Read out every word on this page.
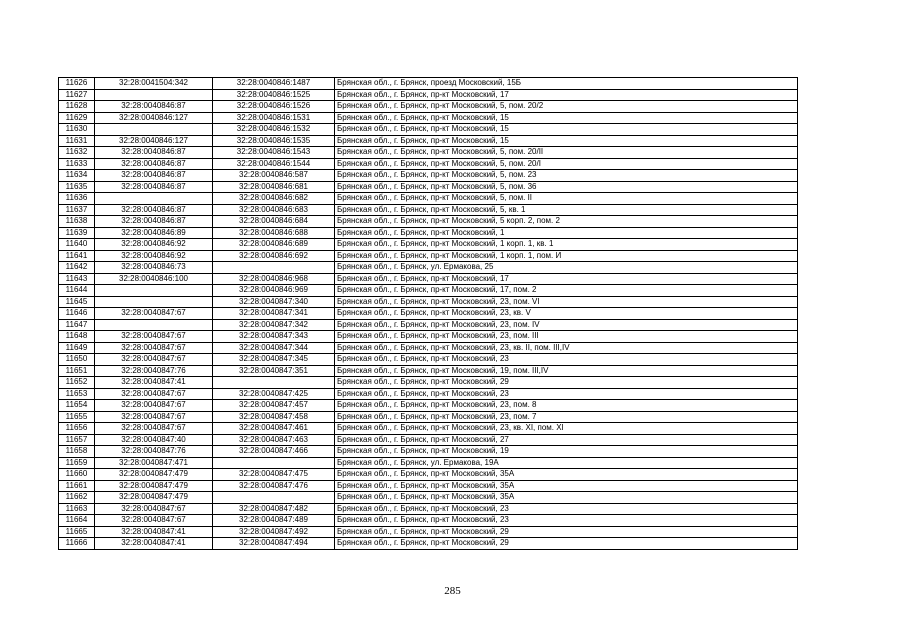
11626	32:28:0041504:342	32:28:0040846:1487	Брянская обл., г. Брянск, проезд Московский, 15Б
11627		32:28:0040846:1525	Брянская обл., г. Брянск, пр-кт Московский, 17
11628	32:28:0040846:87	32:28:0040846:1526	Брянская обл., г. Брянск, пр-кт Московский, 5, пом. 20/2
11629	32:28:0040846:127	32:28:0040846:1531	Брянская обл., г. Брянск, пр-кт Московский, 15
11630		32:28:0040846:1532	Брянская обл., г. Брянск, пр-кт Московский, 15
11631	32:28:0040846:127	32:28:0040846:1535	Брянская обл., г. Брянск, пр-кт Московский, 15
11632	32:28:0040846:87	32:28:0040846:1543	Брянская обл., г. Брянск, пр-кт Московский, 5, пом. 20/II
11633	32:28:0040846:87	32:28:0040846:1544	Брянская обл., г. Брянск, пр-кт Московский, 5, пом. 20/I
11634	32:28:0040846:87	32:28:0040846:587	Брянская обл., г. Брянск, пр-кт Московский, 5, пом. 23
11635	32:28:0040846:87	32:28:0040846:681	Брянская обл., г. Брянск, пр-кт Московский, 5, пом. 36
11636		32:28:0040846:682	Брянская обл., г. Брянск, пр-кт Московский, 5, пом. II
11637	32:28:0040846:87	32:28:0040846:683	Брянская обл., г. Брянск, пр-кт Московский, 5, кв. 1
11638	32:28:0040846:87	32:28:0040846:684	Брянская обл., г. Брянск, пр-кт Московский, 5 корп. 2, пом. 2
11639	32:28:0040846:89	32:28:0040846:688	Брянская обл., г. Брянск, пр-кт Московский, 1
11640	32:28:0040846:92	32:28:0040846:689	Брянская обл., г. Брянск, пр-кт Московский, 1 корп. 1, кв. 1
11641	32:28:0040846:92	32:28:0040846:692	Брянская обл., г. Брянск, пр-кт Московский, 1 корп. 1, пом. И
11642	32:28:0040846:73		Брянская обл., г. Брянск, ул. Ермакова, 25
11643	32:28:0040846:100	32:28:0040846:968	Брянская обл., г. Брянск, пр-кт Московский, 17
11644		32:28:0040846:969	Брянская обл., г. Брянск, пр-кт Московский, 17, пом. 2
11645		32:28:0040847:340	Брянская обл., г. Брянск, пр-кт Московский, 23, пом. VI
11646	32:28:0040847:67	32:28:0040847:341	Брянская обл., г. Брянск, пр-кт Московский, 23, кв. V
11647		32:28:0040847:342	Брянская обл., г. Брянск, пр-кт Московский, 23, пом. IV
11648	32:28:0040847:67	32:28:0040847:343	Брянская обл., г. Брянск, пр-кт Московский, 23, пом. III
11649	32:28:0040847:67	32:28:0040847:344	Брянская обл., г. Брянск, пр-кт Московский, 23, кв. II, пом. III,IV
11650	32:28:0040847:67	32:28:0040847:345	Брянская обл., г. Брянск, пр-кт Московский, 23
11651	32:28:0040847:76	32:28:0040847:351	Брянская обл., г. Брянск, пр-кт Московский, 19, пом. III,IV
11652	32:28:0040847:41		Брянская обл., г. Брянск, пр-кт Московский, 29
11653	32:28:0040847:67	32:28:0040847:425	Брянская обл., г. Брянск, пр-кт Московский, 23
11654	32:28:0040847:67	32:28:0040847:457	Брянская обл., г. Брянск, пр-кт Московский, 23, пом. 8
11655	32:28:0040847:67	32:28:0040847:458	Брянская обл., г. Брянск, пр-кт Московский, 23, пом. 7
11656	32:28:0040847:67	32:28:0040847:461	Брянская обл., г. Брянск, пр-кт Московский, 23, кв. XI, пом. XI
11657	32:28:0040847:40	32:28:0040847:463	Брянская обл., г. Брянск, пр-кт Московский, 27
11658	32:28:0040847:76	32:28:0040847:466	Брянская обл., г. Брянск, пр-кт Московский, 19
11659	32:28:0040847:471		Брянская обл., г. Брянск, ул. Ермакова, 19А
11660	32:28:0040847:479	32:28:0040847:475	Брянская обл., г. Брянск, пр-кт Московский, 35А
11661	32:28:0040847:479	32:28:0040847:476	Брянская обл., г. Брянск, пр-кт Московский, 35А
11662	32:28:0040847:479		Брянская обл., г. Брянск, пр-кт Московский, 35А
11663	32:28:0040847:67	32:28:0040847:482	Брянская обл., г. Брянск, пр-кт Московский, 23
11664	32:28:0040847:67	32:28:0040847:489	Брянская обл., г. Брянск, пр-кт Московский, 23
11665	32:28:0040847:41	32:28:0040847:492	Брянская обл., г. Брянск, пр-кт Московский, 29
11666	32:28:0040847:41	32:28:0040847:494	Брянская обл., г. Брянск, пр-кт Московский, 29
285
